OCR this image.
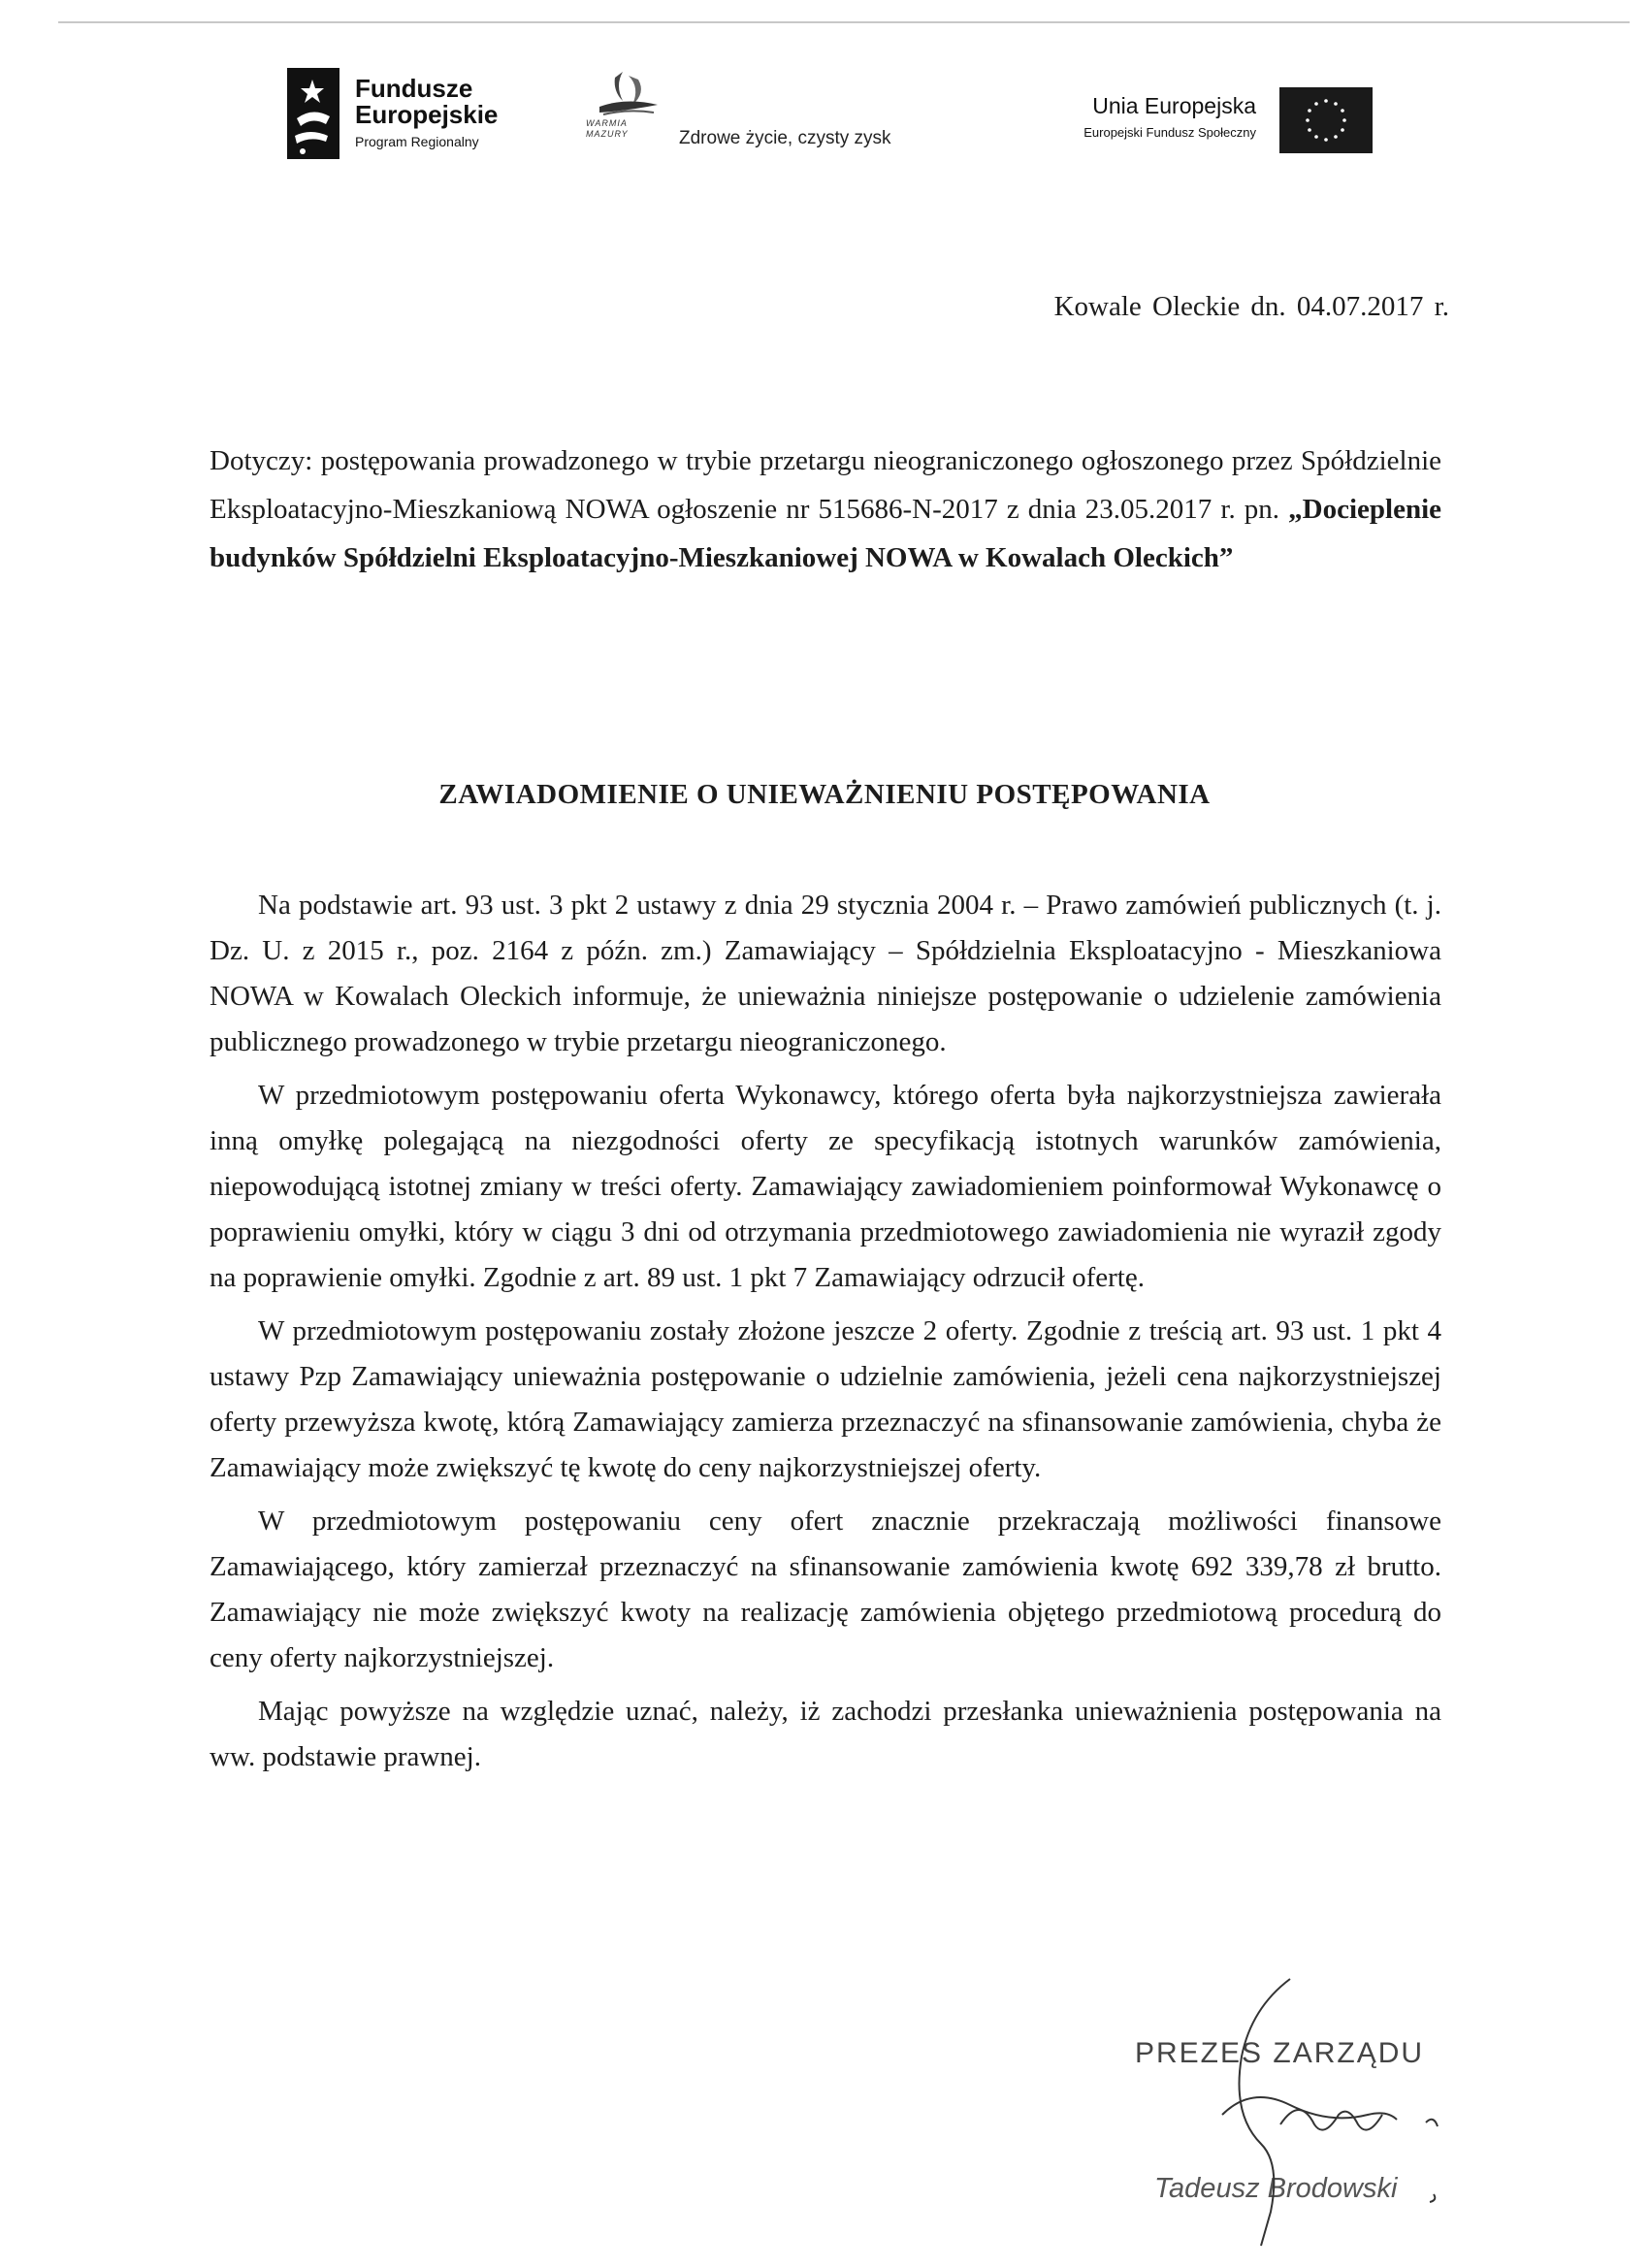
Fundusze
Europejskie
Program Regionalny
WARMIA
MAZURY	Zdrowe życie, czysty zysk
Unia Europejska
Europejski Fundusz Społeczny
Kowale Oleckie dn. 04.07.2017 r.
Dotyczy: postępowania prowadzonego w trybie przetargu nieograniczonego ogłoszonego przez Spółdzielnie Eksploatacyjno-Mieszkaniową NOWA ogłoszenie nr 515686-N-2017 z dnia 23.05.2017 r. pn. „Docieplenie budynków Spółdzielni Eksploatacyjno-Mieszkaniowej NOWA w Kowalach Oleckich”
ZAWIADOMIENIE O UNIEWAŻNIENIU POSTĘPOWANIA

Na podstawie art. 93 ust. 3 pkt 2 ustawy z dnia 29 stycznia 2004 r. – Prawo zamówień publicznych (t. j. Dz. U. z 2015 r., poz. 2164 z późn. zm.) Zamawiający – Spółdzielnia Eksploatacyjno - Mieszkaniowa NOWA w Kowalach Oleckich informuje, że unieważnia niniejsze postępowanie o udzielenie zamówienia publicznego prowadzonego w trybie przetargu nieograniczonego.

W przedmiotowym postępowaniu oferta Wykonawcy, którego oferta była najkorzystniejsza zawierała inną omyłkę polegającą na niezgodności oferty ze specyfikacją istotnych warunków zamówienia, niepowodującą istotnej zmiany w treści oferty. Zamawiający zawiadomieniem poinformował Wykonawcę o poprawieniu omyłki, który w ciągu 3 dni od otrzymania przedmiotowego zawiadomienia nie wyraził zgody na poprawienie omyłki. Zgodnie z art. 89 ust. 1 pkt 7 Zamawiający odrzucił ofertę.

W przedmiotowym postępowaniu zostały złożone jeszcze 2 oferty. Zgodnie z treścią art. 93 ust. 1 pkt 4 ustawy Pzp Zamawiający unieważnia postępowanie o udzielnie zamówienia, jeżeli cena najkorzystniejszej oferty przewyższa kwotę, którą Zamawiający zamierza przeznaczyć na sfinansowanie zamówienia, chyba że Zamawiający może zwiększyć tę kwotę do ceny najkorzystniejszej oferty.

W przedmiotowym postępowaniu ceny ofert znacznie przekraczają możliwości finansowe Zamawiającego, który zamierzał przeznaczyć na sfinansowanie zamówienia kwotę 692 339,78 zł brutto. Zamawiający nie może zwiększyć kwoty na realizację zamówienia objętego przedmiotową procedurą do ceny oferty najkorzystniejszej.

Mając powyższe na względzie uznać, należy, iż zachodzi przesłanka unieważnienia postępowania na ww. podstawie prawnej.

PREZES ZARZĄDU
Tadeusz Brodowski
